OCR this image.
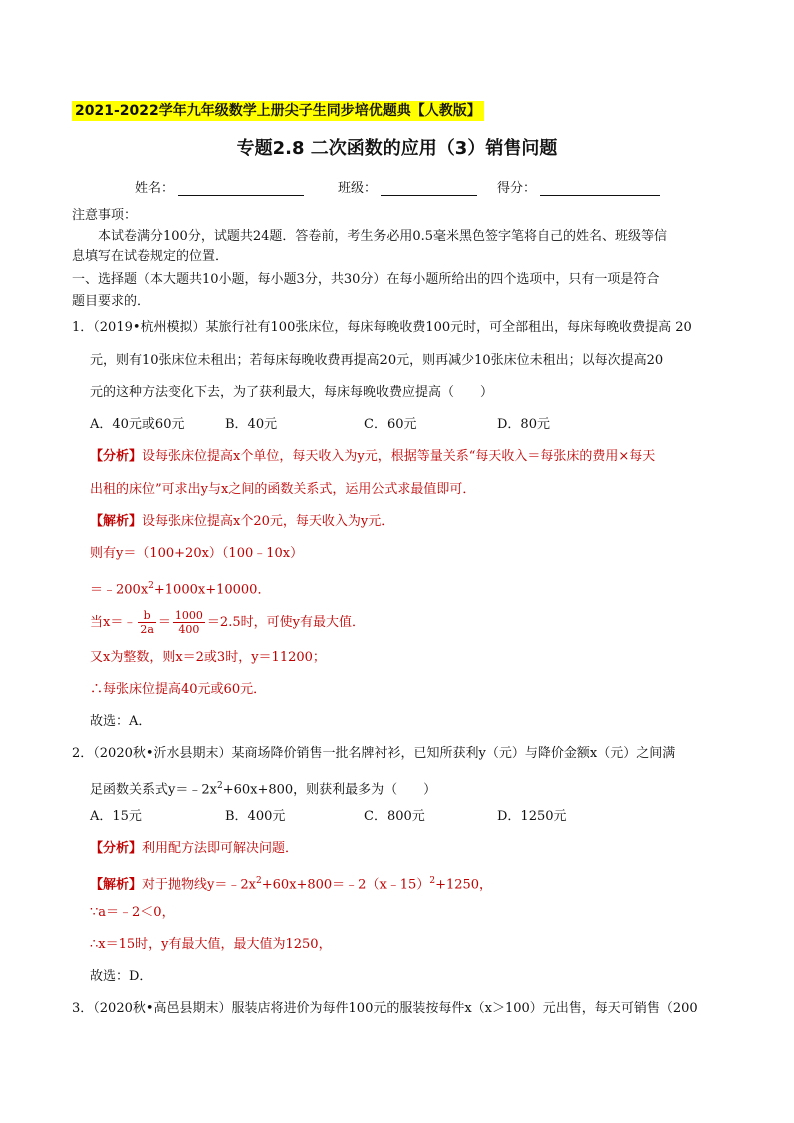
2021-2022学年九年级数学上册尖子生同步培优题典【人教版】
专题2.8 二次函数的应用（3）销售问题
姓名：	班级：	得分：
注意事项：
本试卷满分100分，试题共24题．答卷前，考生务必用0.5毫米黑色签字笔将自己的姓名、班级等信
息填写在试卷规定的位置．
一、选择题（本大题共10小题，每小题3分，共30分）在每小题所给出的四个选项中，只有一项是符合
题目要求的．
1．（2019•杭州模拟）某旅行社有100张床位，每床每晚收费100元时，可全部租出，每床每晚收费提高 20
元，则有10张床位未租出；若每床每晚收费再提高20元，则再减少10张床位未租出；以每次提高20
元的这种方法变化下去，为了获利最大，每床每晚收费应提高（　　）
A．40元或60元	B．40元	C．60元	D．80元
【分析】设每张床位提高x个单位，每天收入为y元，根据等量关系“每天收入＝每张床的费用×每天
出租的床位”可求出y与x之间的函数关系式，运用公式求最值即可．
【解析】设每张床位提高x个20元，每天收入为y元．
则有y＝（100+20x）（100﹣10x）
$=﹣200x^2+1000x+10000$．
当x＝﹣ $\frac{b}{2a} = \frac{1000}{400} =2.5$时，可使y有最大值．
又x为整数，则x＝2或3时，y＝11200；
∴每张床位提高40元或60元．
故选：A．
2．（2020秋•沂水县期末）某商场降价销售一批名牌衬衫，已知所获利y（元）与降价金额x（元）之间满
足函数关系式$y=﹣2x^2+60x+800$，则获利最多为（　　）
A．15元	B．400元	C．800元	D．1250元
【分析】利用配方法即可解决问题．
【解析】对于抛物线$y=﹣2x^2+60x+800=﹣2(x﹣15)^2+1250$，
∵a＝﹣2＜0，
∴x＝15时，y有最大值，最大值为1250，
故选：D．
3．（2020秋•高邑县期末）服装店将进价为每件100元的服装按每件x（x＞100）元出售，每天可销售（200
